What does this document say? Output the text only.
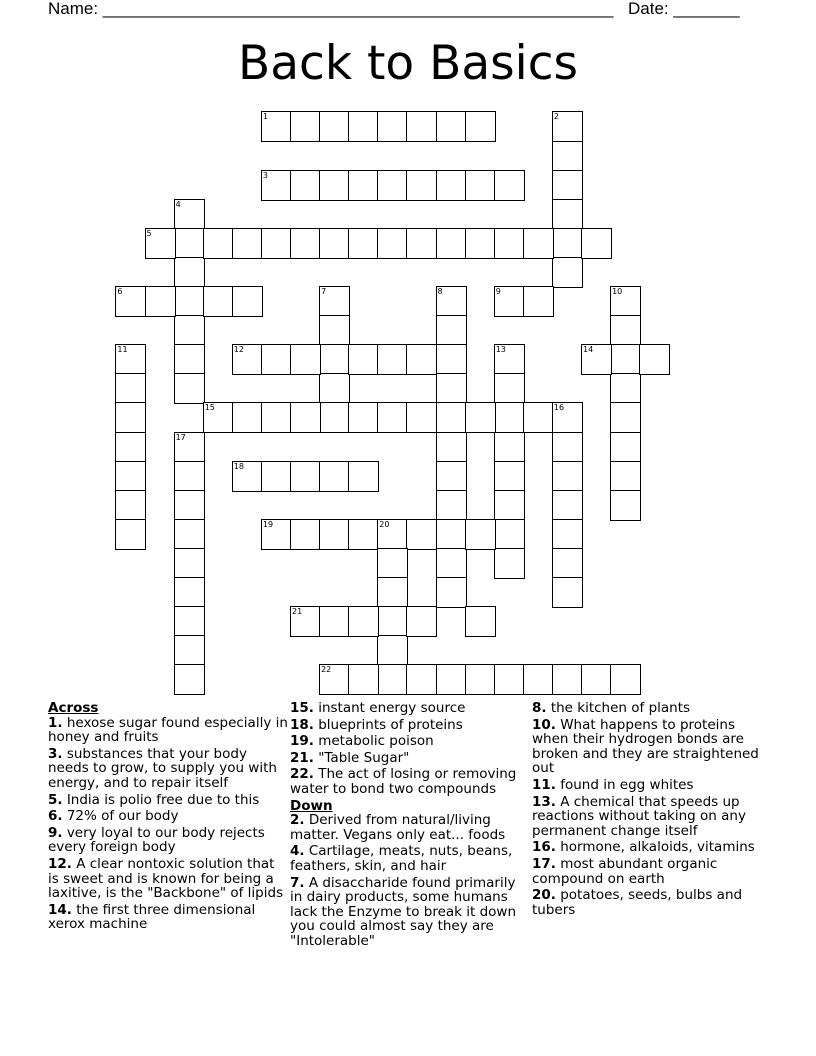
Name: ______________________________________________________ Date: _______
Back to Basics
1	2
3
4
5
6	7	8	9	10
11	12	13	14
15	16
17
18
19	20
21
22
Across
1. hexose sugar found especially in honey and fruits
3. substances that your body needs to grow, to supply you with energy, and to repair itself
5. India is polio free due to this
6. 72% of our body
9. very loyal to our body rejects every foreign body
12. A clear nontoxic solution that is sweet and is known for being a laxitive, is the "Backbone" of lipids
14. the first three dimensional xerox machine
15. instant energy source
18. blueprints of proteins
19. metabolic poison
21. "Table Sugar"
22. The act of losing or removing water to bond two compounds
Down
2. Derived from natural/living matter. Vegans only eat... foods
4. Cartilage, meats, nuts, beans, feathers, skin, and hair
7. A disaccharide found primarily in dairy products, some humans lack the Enzyme to break it down you could almost say they are "Intolerable"
8. the kitchen of plants
10. What happens to proteins when their hydrogen bonds are broken and they are straightened out
11. found in egg whites
13. A chemical that speeds up reactions without taking on any permanent change itself
16. hormone, alkaloids, vitamins
17. most abundant organic compound on earth
20. potatoes, seeds, bulbs and tubers
